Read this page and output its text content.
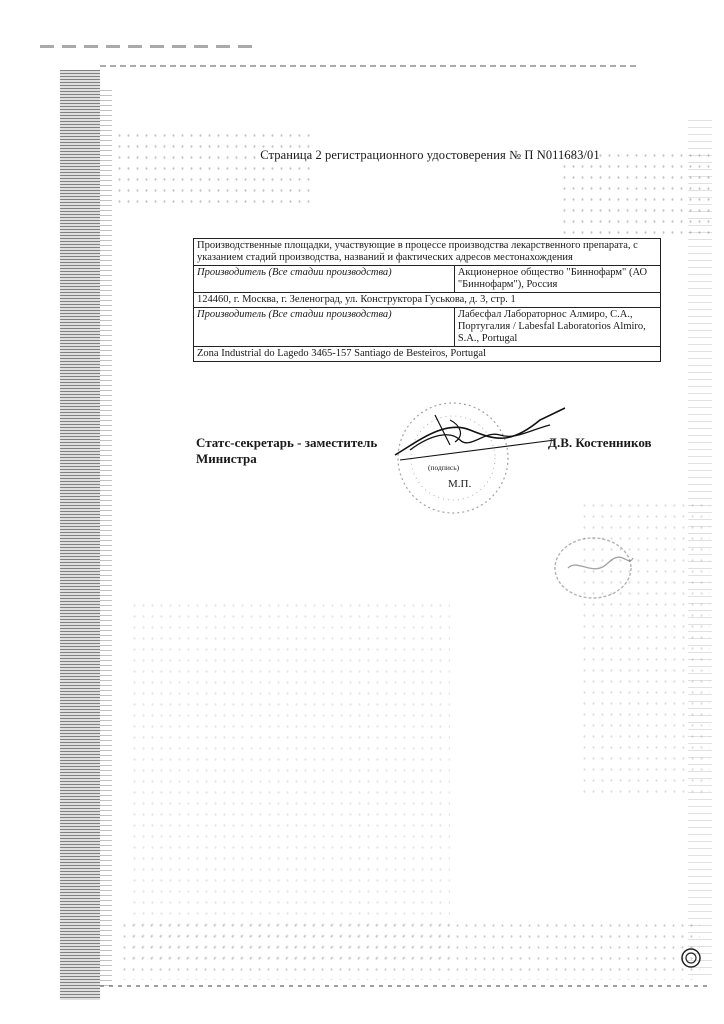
Страница 2 регистрационного удостоверения № П N011683/01
Производственные площадки, участвующие в процессе производства лекарственного препарата, с указанием стадий производства, названий и фактических адресов местонахождения	
Производитель (Все стадии производства)	Акционерное общество "Биннофарм" (АО "Биннофарм"), Россия
124460, г. Москва, г. Зеленоград, ул. Конструктора Гуськова, д. 3, стр. 1	
Производитель (Все стадии производства)	Лабесфал Лабораторнос Алмиро, С.А., Португалия / Labesfal Laboratorios Almiro, S.A., Portugal
Zona Industrial do Lagedo 3465-157 Santiago de Besteiros, Portugal	
Статс-секретарь - заместитель
Министра
Д.В. Костенников
(подпись)
М.П.
